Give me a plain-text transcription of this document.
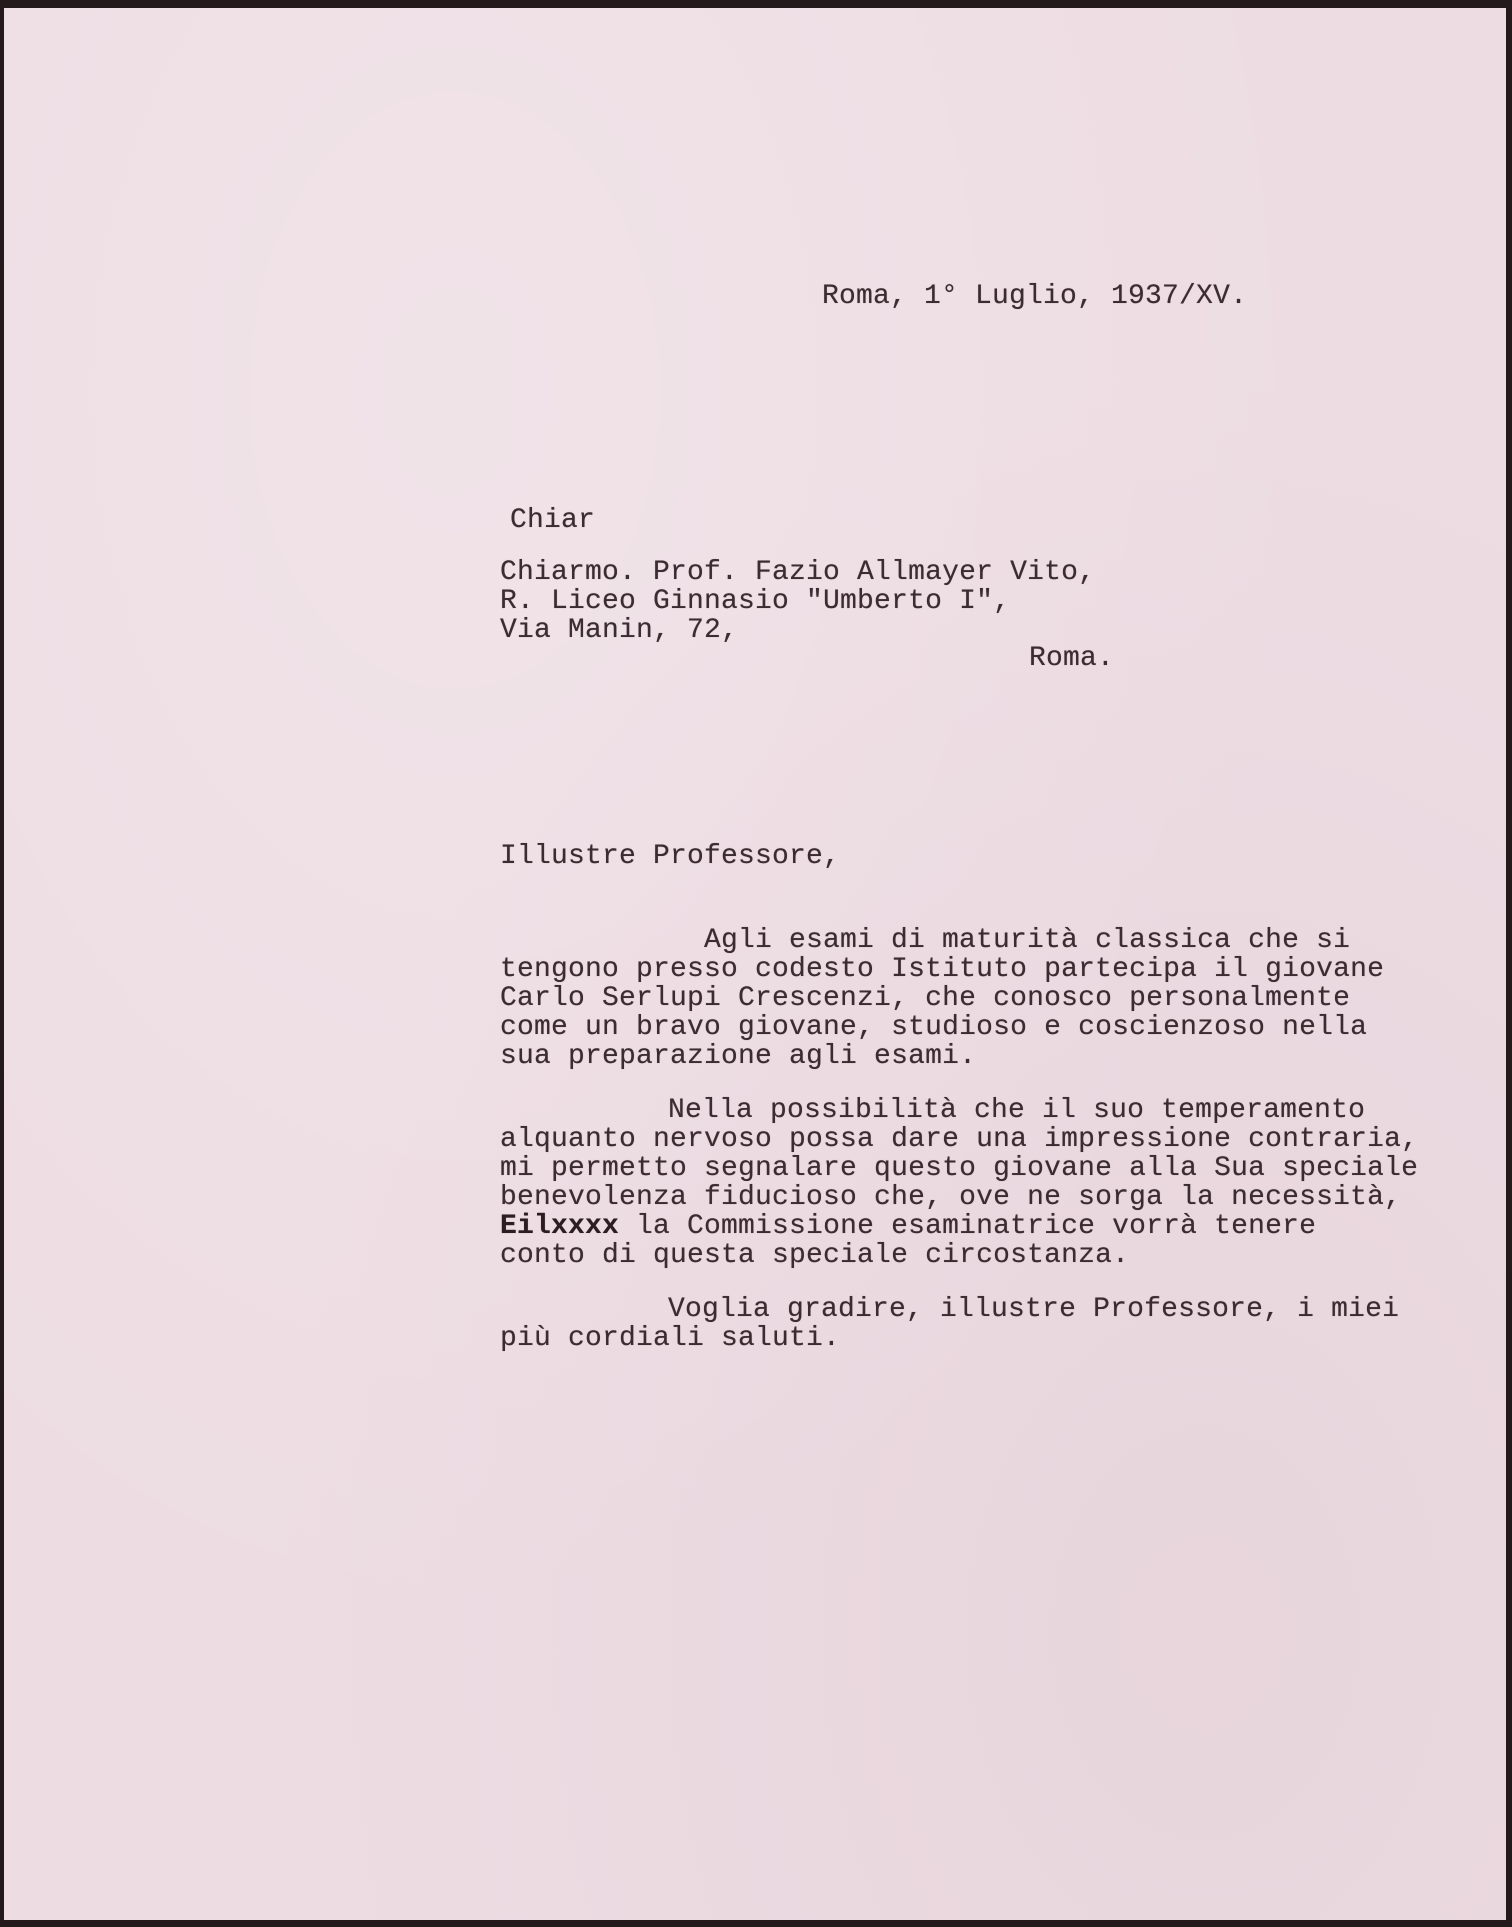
Roma, 1° Luglio, 1937/XV.
Chiar
Chiarmo. Prof. Fazio Allmayer Vito,
R. Liceo Ginnasio "Umberto I",
Via Manin, 72,
Roma.
Illustre Professore,
Agli esami di maturità classica che si
tengono presso codesto Istituto partecipa il giovane
Carlo Serlupi Crescenzi, che conosco personalmente
come un bravo giovane, studioso e coscienzoso nella
sua preparazione agli esami.
Nella possibilità che il suo temperamento
alquanto nervoso possa dare una impressione contraria,
mi permetto segnalare questo giovane alla Sua speciale
benevolenza fiducioso che, ove ne sorga la necessità,
Eilxxxx la Commissione esaminatrice vorrà tenere
conto di questa speciale circostanza.
Voglia gradire, illustre Professore, i miei
più cordiali saluti.
